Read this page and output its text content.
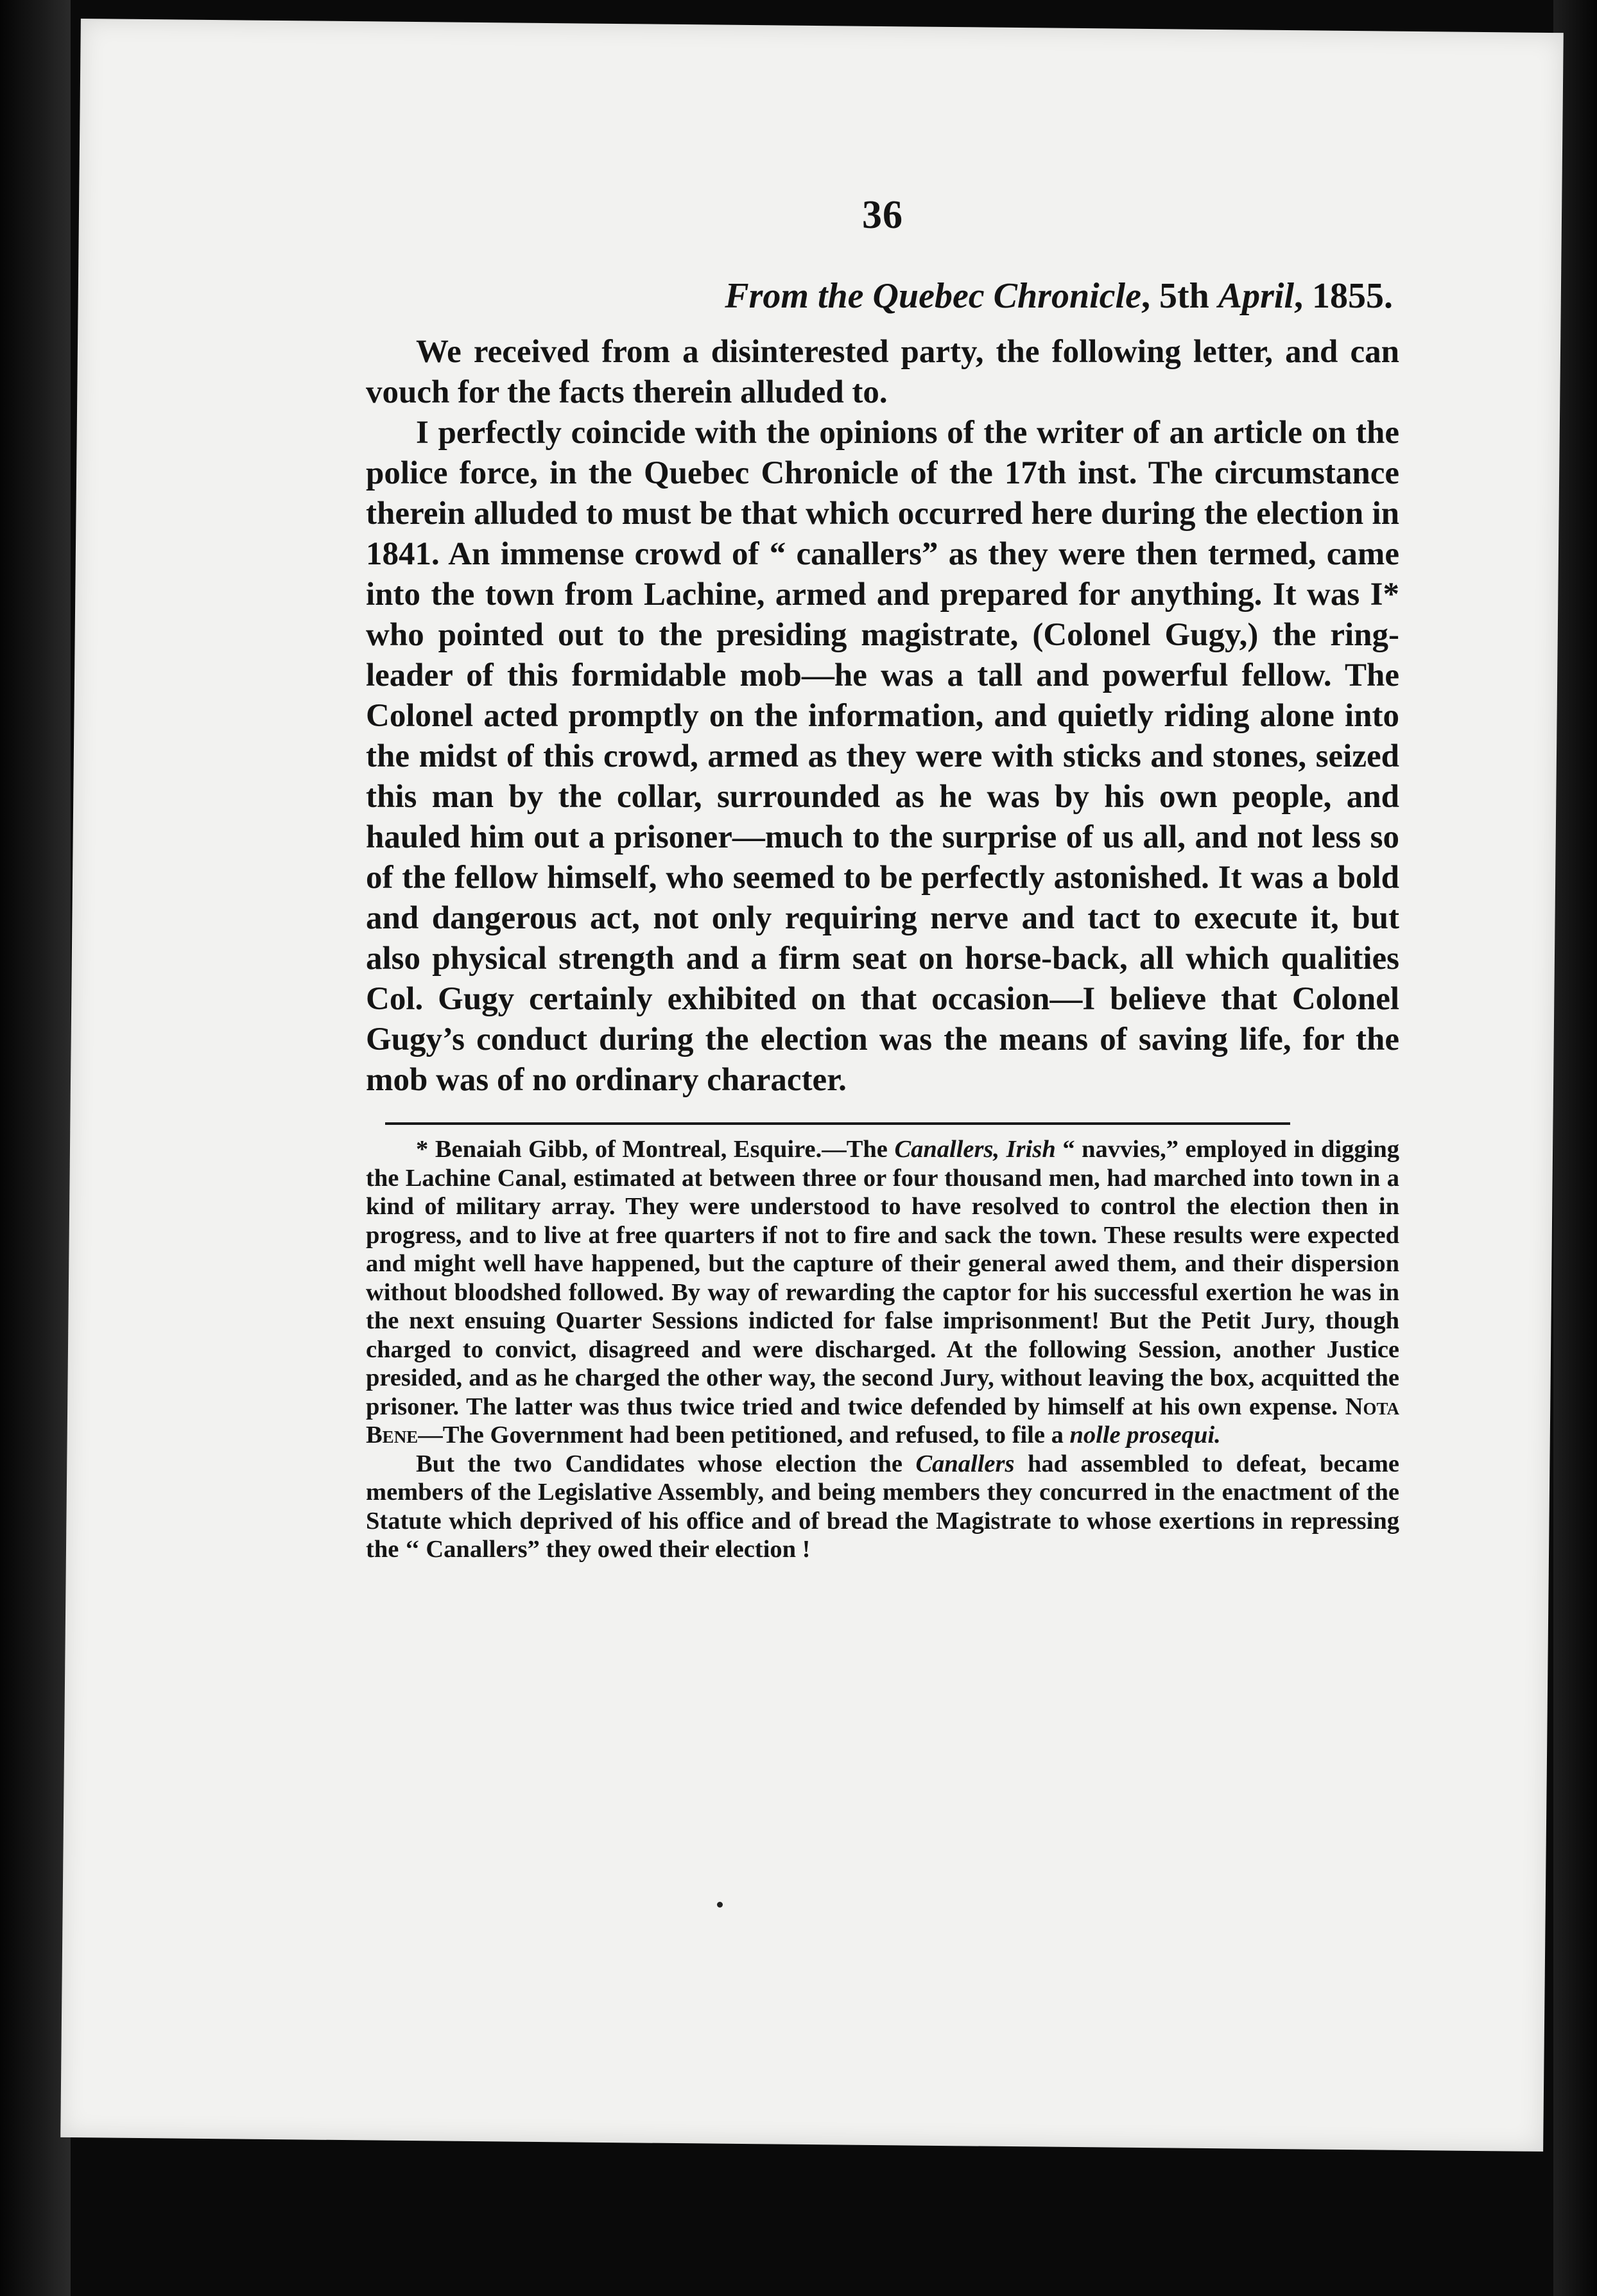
36
From the Quebec Chronicle, 5th April, 1855.

We received from a disinterested party, the following letter, and can vouch for the facts therein alluded to.

I perfectly coincide with the opinions of the writer of an article on the police force, in the Quebec Chronicle of the 17th inst. The circumstance therein alluded to must be that which occurred here during the election in 1841. An immense crowd of “ canallers” as they were then termed, came into the town from Lachine, armed and prepared for anything. It was I* who pointed out to the presiding magistrate, (Colonel Gugy,) the ring-leader of this formidable mob—he was a tall and powerful fellow. The Colonel acted promptly on the information, and quietly riding alone into the midst of this crowd, armed as they were with sticks and stones, seized this man by the collar, surrounded as he was by his own people, and hauled him out a prisoner—much to the surprise of us all, and not less so of the fellow himself, who seemed to be perfectly astonished. It was a bold and dangerous act, not only requiring nerve and tact to execute it, but also physical strength and a firm seat on horse-back, all which qualities Col. Gugy certainly exhibited on that occasion—I believe that Colonel Gugy’s conduct during the election was the means of saving life, for the mob was of no ordinary character.

* Benaiah Gibb, of Montreal, Esquire.—The Canallers, Irish “ navvies,” employed in digging the Lachine Canal, estimated at between three or four thousand men, had marched into town in a kind of military array. They were understood to have resolved to control the election then in progress, and to live at free quarters if not to fire and sack the town. These results were expected and might well have happened, but the capture of their general awed them, and their dispersion without bloodshed followed. By way of rewarding the captor for his successful exertion he was in the next ensuing Quarter Sessions indicted for false imprisonment! But the Petit Jury, though charged to convict, disagreed and were discharged. At the following Session, another Justice presided, and as he charged the other way, the second Jury, without leaving the box, acquitted the prisoner. The latter was thus twice tried and twice defended by himself at his own expense. Nota Bene—The Government had been petitioned, and refused, to file a nolle prosequi.

But the two Candidates whose election the Canallers had assembled to defeat, became members of the Legislative Assembly, and being members they concurred in the enactment of the Statute which deprived of his office and of bread the Magistrate to whose exertions in repressing the ‘‘ Canallers” they owed their election !
